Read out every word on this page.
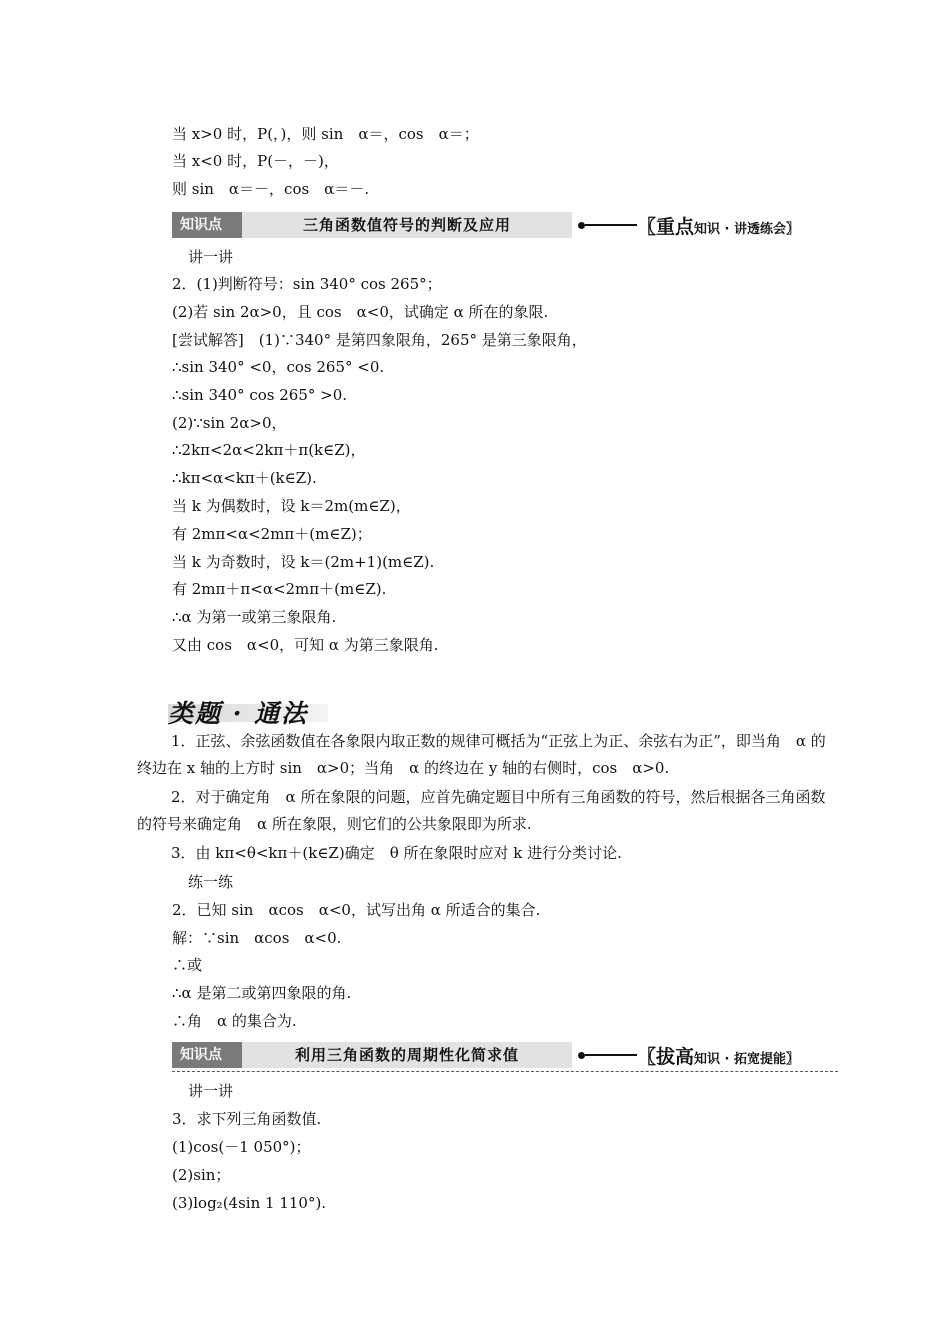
当 x>0 时，P(，)，则 sin　α＝，cos　α＝；
当 x<0 时，P(－，－)，
则 sin　α＝－，cos　α＝－.
知识点 2
三角函数值符号的判断及应用	〖重点知识 · 讲透练会〗
讲一讲
2．(1)判断符号：sin 340° cos 265°；
(2)若 sin 2α>0，且 cos　α<0，试确定 α 所在的象限.
[尝试解答]　(1)∵340° 是第四象限角，265° 是第三象限角，
∴sin 340° <0，cos 265° <0.
∴sin 340° cos 265° >0.
(2)∵sin 2α>0，
∴2kπ<2α<2kπ＋π(k∈Z)，
∴kπ<α<kπ＋(k∈Z).
当 k 为偶数时，设 k＝2m(m∈Z)，
有 2mπ<α<2mπ＋(m∈Z)；
当 k 为奇数时，设 k＝(2m+1)(m∈Z).
有 2mπ＋π<α<2mπ＋(m∈Z).
∴α 为第一或第三象限角.
又由 cos　α<0，可知 α 为第三象限角.
类题 · 通法
1．正弦、余弦函数值在各象限内取正数的规律可概括为“正弦上为正、余弦右为正”，即当角　α 的终边在 x 轴的上方时 sin　α>0；当角　α 的终边在 y 轴的右侧时，cos　α>0.
2．对于确定角　α 所在象限的问题，应首先确定题目中所有三角函数的符号，然后根据各三角函数的符号来确定角　α 所在象限，则它们的公共象限即为所求.
3．由 kπ<θ<kπ＋(k∈Z)确定　θ 所在象限时应对 k 进行分类讨论.
练一练
2．已知 sin　αcos　α<0，试写出角 α 所适合的集合.
解：∵sin　αcos　α<0.
∴或
∴α 是第二或第四象限的角.
∴角　α 的集合为.
知识点 3
利用三角函数的周期性化简求值	〖拔高知识 · 拓宽提能〗
讲一讲
3．求下列三角函数值.
(1)cos(－1 050°)；
(2)sin；
(3)log₂(4sin 1 110°).
